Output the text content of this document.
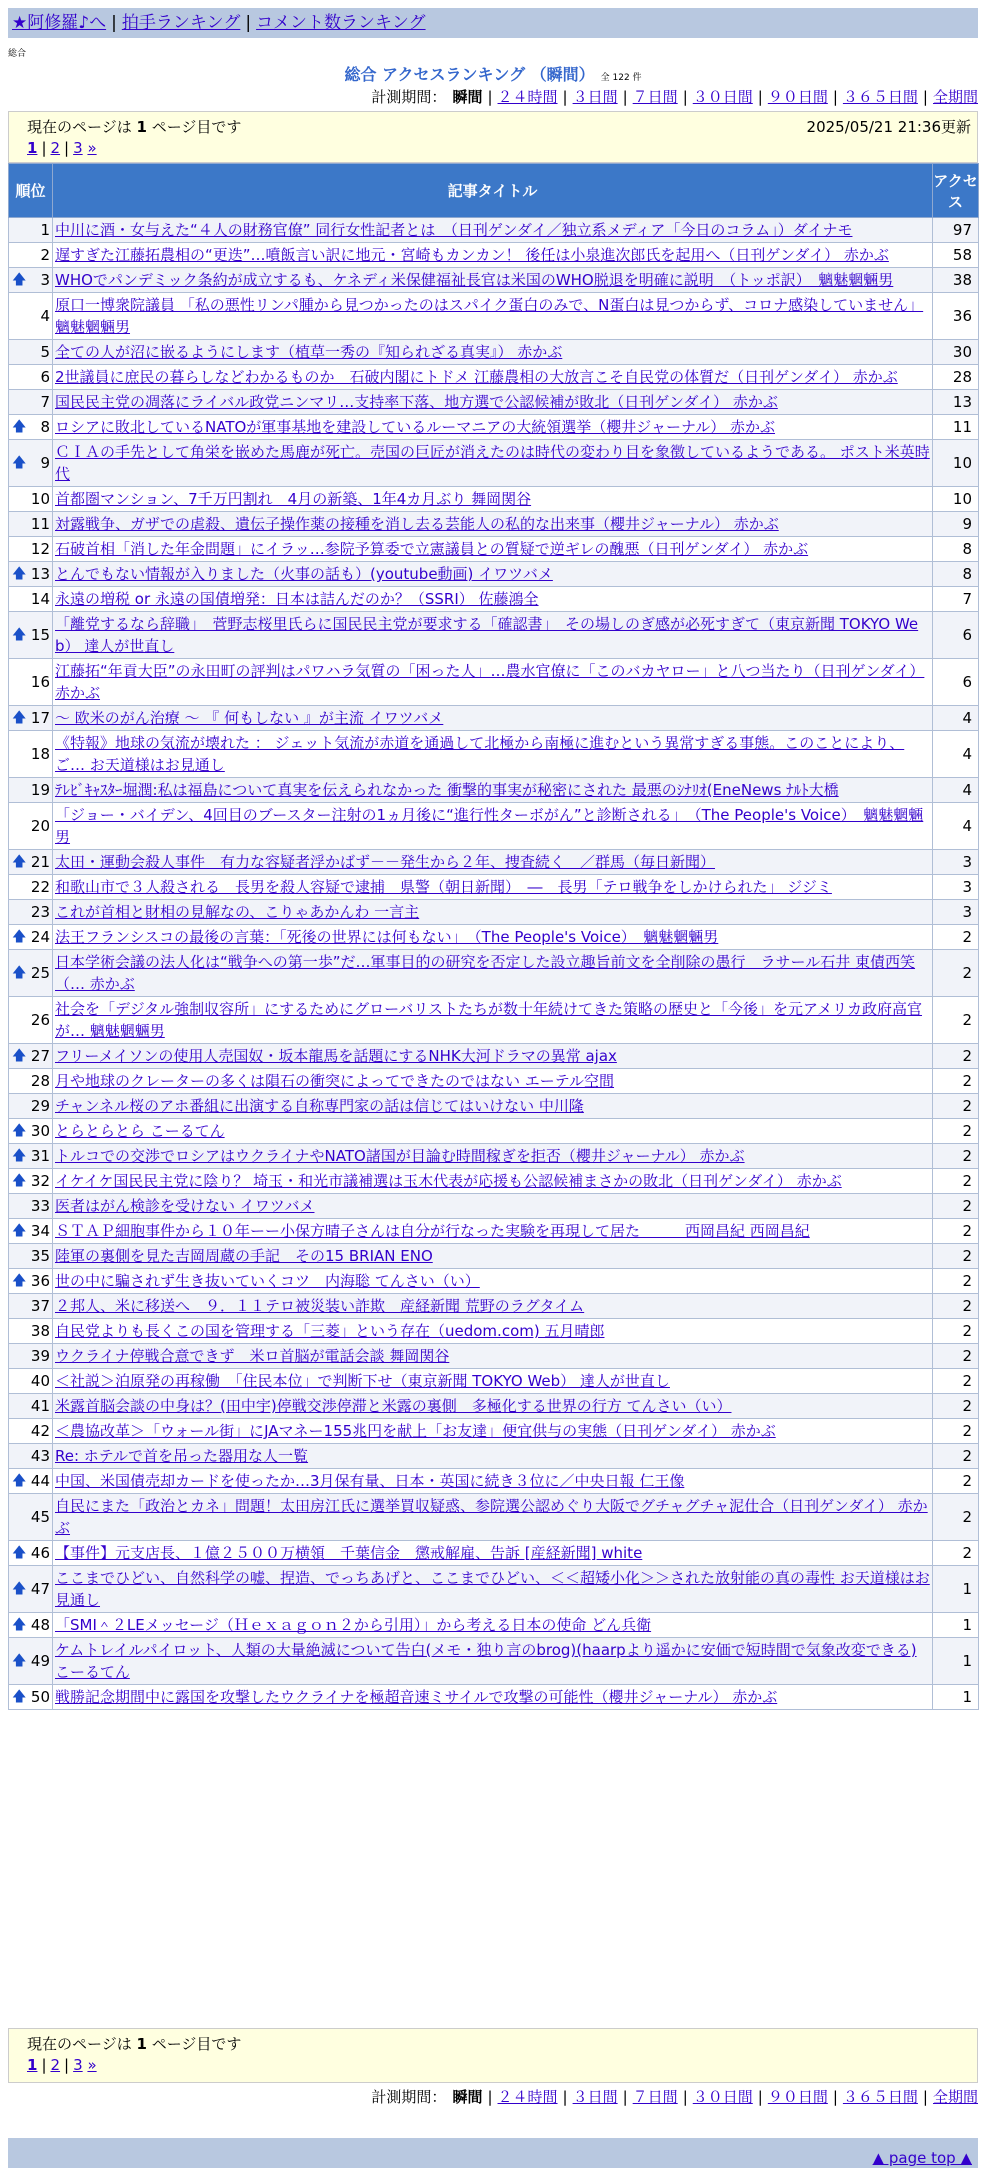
★阿修羅♪へ | 拍手ランキング | コメント数ランキング
総合
総合 アクセスランキング （瞬間） 全 122 件
計測期間： 瞬間 | ２４時間 | ３日間 | ７日間 | ３０日間 | ９０日間 | ３６５日間 | 全期間
現在のページは 1 ページ目です	2025/05/21 21:36更新
1 | 2 | 3 »
順位	記事タイトル	アクセス
1	中川に酒・女与えた“４人の財務官僚” 同行女性記者とは　（日刊ゲンダイ／独立系メディア「今日のコラム」）ダイナモ	97
2	遅すぎた江藤拓農相の“更迭”…噴飯言い訳に地元・宮崎もカンカン！ 後任は小泉進次郎氏を起用へ（日刊ゲンダイ） 赤かぶ	58

🡅 3	WHOでパンデミック条約が成立するも、ケネディ米保健福祉長官は米国のWHO脱退を明確に説明　（トッポ訳）　魑魅魍魎男	38
4	原口一博衆院議員 「私の悪性リンパ腫から見つかったのはスパイク蛋白のみで、N蛋白は見つからず、コロナ感染していません」 魑魅魍魎男	36
5	全ての人が沼に嵌るようにします（植草一秀の『知られざる真実』） 赤かぶ	30
6	2世議員に庶民の暮らしなどわかるものか　石破内閣にトドメ 江藤農相の大放言こそ自民党の体質だ（日刊ゲンダイ） 赤かぶ	28
7	国民民主党の凋落にライバル政党ニンマリ…支持率下落、地方選で公認候補が敗北（日刊ゲンダイ） 赤かぶ	13

🡅 8	ロシアに敗北しているNATOが軍事基地を建設しているルーマニアの大統領選挙（櫻井ジャーナル） 赤かぶ	11

🡅 9	ＣＩＡの手先として角栄を嵌めた馬鹿が死亡。売国の巨匠が消えたのは時代の変わり目を象徴しているようである。 ポスト米英時代	10
10	首都圏マンション、7千万円割れ　4月の新築、1年4カ月ぶり 舞岡関谷	10
11	対露戦争、ガザでの虐殺、遺伝子操作薬の接種を消し去る芸能人の私的な出来事（櫻井ジャーナル） 赤かぶ	9
12	石破首相「消した年金問題」にイラッ…参院予算委で立憲議員との質疑で逆ギレの醜悪（日刊ゲンダイ） 赤かぶ	8

🡅 13	とんでもない情報が入りました（火事の話も）(youtube動画) イワツバメ	8
14	永遠の増税 or 永遠の国債増発：日本は詰んだのか？（SSRI） 佐藤鴻全	7

🡅 15	「離党するなら辞職」　菅野志桜里氏らに国民民主党が要求する「確認書」　その場しのぎ感が必死すぎて（東京新聞 TOKYO Web） 達人が世直し	6
16	江藤拓“年貢大臣”の永田町の評判はパワハラ気質の「困った人」…農水官僚に「このバカヤロー」と八つ当たり（日刊ゲンダイ） 赤かぶ	6

🡅 17	～ 欧米のがん治療 ～ 『 何もしない 』が主流 イワツバメ	4
18	《特報》地球の気流が壊れた ： ジェット気流が赤道を通過して北極から南極に進むという異常すぎる事態。このことにより、ご… お天道様はお見通し	4
19	ﾃﾚﾋﾞｷｬｽﾀｰ堀潤:私は福島について真実を伝えられなかった 衝撃的事実が秘密にされた 最悪のｼﾅﾘｵ(EneNews ﾅﾙﾄ大橋	4
20	「ジョー・バイデン、4回目のブースター注射の1ヵ月後に“進行性ターボがん”と診断される」　（The People's Voice）　魑魅魍魎男	4

🡅 21	太田・運動会殺人事件　有力な容疑者浮かばず－－発生から２年、捜査続く　／群馬（毎日新聞）	3
22	和歌山市で３人殺される　長男を殺人容疑で逮捕　県警（朝日新聞）　―　長男「テロ戦争をしかけられた」 ジジミ	3
23	これが首相と財相の見解なの、こりゃあかんわ 一言主	3

🡅 24	法王フランシスコの最後の言葉：「死後の世界には何もない」　（The People's Voice）　魑魅魍魎男	2

🡅 25	日本学術会議の法人化は“戦争への第一歩”だ…軍事目的の研究を否定した設立趣旨前文を全削除の愚行　ラサール石井 東債西笑（… 赤かぶ	2
26	社会を「デジタル強制収容所」にするためにグローバリストたちが数十年続けてきた策略の歴史と「今後」を元アメリカ政府高官が… 魑魅魍魎男	2

🡅 27	フリーメイソンの使用人売国奴・坂本龍馬を話題にするNHK大河ドラマの異常 ajax	2
28	月や地球のクレーターの多くは隕石の衝突によってできたのではない エーテル空間	2
29	チャンネル桜のアホ番組に出演する自称専門家の話は信じてはいけない 中川隆	2

🡅 30	とらとらとら こーるてん	2

🡅 31	トルコでの交渉でロシアはウクライナやNATO諸国が目論む時間稼ぎを拒否（櫻井ジャーナル） 赤かぶ	2

🡅 32	イケイケ国民民主党に陰り？ 埼玉・和光市議補選は玉木代表が応援も公認候補まさかの敗北（日刊ゲンダイ） 赤かぶ	2
33	医者はがん検診を受けない イワツバメ	2

🡅 34	ＳＴＡＰ細胞事件から１０年ーー小保方晴子さんは自分が行なった実験を再現して居た　　　西岡昌紀 西岡昌紀	2
35	陸軍の裏側を見た吉岡周蔵の手記　その15 BRIAN ENO	2

🡅 36	世の中に騙されず生き抜いていくコツ　内海聡 てんさい（い）	2
37	２邦人、米に移送へ　９．１１テロ被災装い詐欺　産経新聞 荒野のラグタイム	2
38	自民党よりも長くこの国を管理する「三菱」という存在（uedom.com) 五月晴郎	2
39	ウクライナ停戦合意できず　米ロ首脳が電話会談 舞岡関谷	2
40	＜社説＞泊原発の再稼働　「住民本位」で判断下せ（東京新聞 TOKYO Web） 達人が世直し	2
41	米露首脳会談の中身は？(田中宇)停戦交渉停滞と米露の裏側　多極化する世界の行方 てんさい（い）	2
42	＜農協改革＞「ウォール街」にJAマネー155兆円を献上「お友達」便宜供与の実態（日刊ゲンダイ） 赤かぶ	2
43	Re: ホテルで首を吊った器用な人一覧	2

🡅 44	中国、米国債売却カードを使ったか…3月保有量、日本・英国に続き３位に／中央日報 仁王像	2
45	自民にまた「政治とカネ」問題！太田房江氏に選挙買収疑惑、参院選公認めぐり大阪でグチャグチャ泥仕合（日刊ゲンダイ） 赤かぶ	2

🡅 46	【事件】元支店長、１億２５００万横領　千葉信金　懲戒解雇、告訴 [産経新聞] white	2

🡅 47	ここまでひどい、自然科学の嘘、捏造、でっちあげと、ここまでひどい、＜＜超矮小化＞＞された放射能の真の毒性 お天道様はお見通し	1

🡅 48	「SMI＾２LEメッセージ（Ｈｅｘａｇｏｎ２から引用）」から考える日本の使命 どん兵衛	1

🡅 49	ケムトレイルパイロット、人類の大量絶滅について告白(メモ・独り言のbrog)(haarpより遥かに安価で短時間で気象改変できる) こーるてん	1

🡅 50	戦勝記念期間中に露国を攻撃したウクライナを極超音速ミサイルで攻撃の可能性（櫻井ジャーナル） 赤かぶ	1
現在のページは 1 ページ目です
1 | 2 | 3 »
計測期間： 瞬間 | ２４時間 | ３日間 | ７日間 | ３０日間 | ９０日間 | ３６５日間 | 全期間
▲ page top ▲
